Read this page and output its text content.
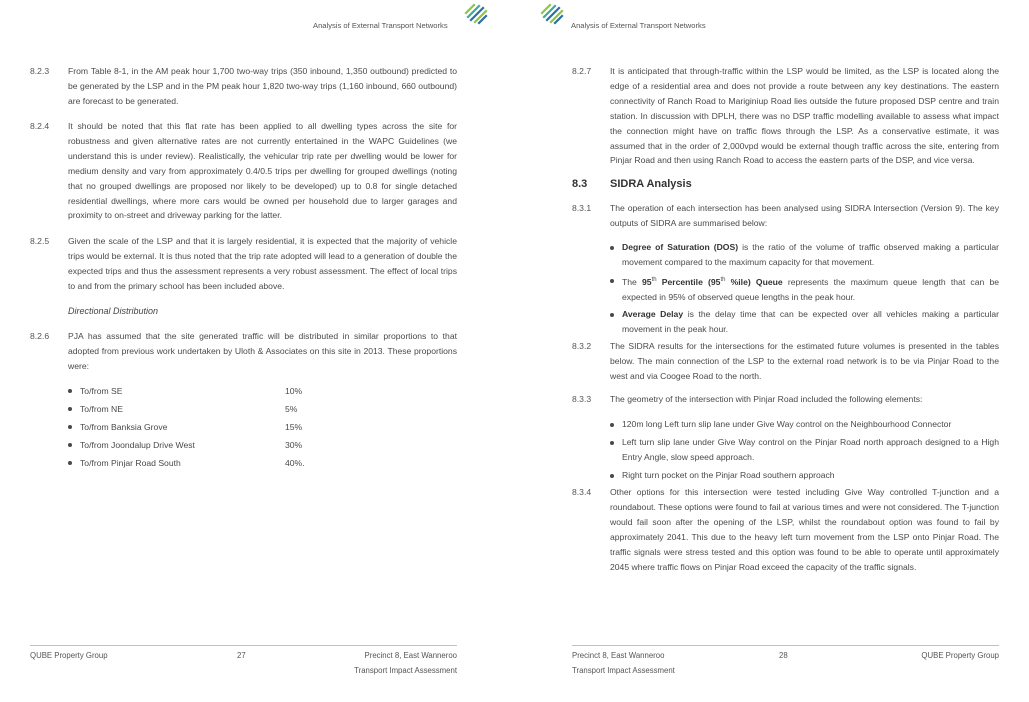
Analysis of External Transport Networks
8.2.3 From Table 8-1, in the AM peak hour 1,700 two-way trips (350 inbound, 1,350 outbound) predicted to be generated by the LSP and in the PM peak hour 1,820 two-way trips (1,160 inbound, 660 outbound) are forecast to be generated.

8.2.4 It should be noted that this flat rate has been applied to all dwelling types across the site for robustness and given alternative rates are not currently entertained in the WAPC Guidelines (we understand this is under review). Realistically, the vehicular trip rate per dwelling would be lower for medium density and vary from approximately 0.4/0.5 trips per dwelling for grouped dwellings (noting that no grouped dwellings are proposed nor likely to be developed) up to 0.8 for single detached residential dwellings, where more cars would be owned per household due to larger garages and proximity to on-street and driveway parking for the latter.

8.2.5 Given the scale of the LSP and that it is largely residential, it is expected that the majority of vehicle trips would be external. It is thus noted that the trip rate adopted will lead to a generation of double the expected trips and thus the assessment represents a very robust assessment. The effect of local trips to and from the primary school has been included above.

Directional Distribution
8.2.6 PJA has assumed that the site generated traffic will be distributed in similar proportions to that adopted from previous work undertaken by Uloth & Associates on this site in 2013. These proportions were:

To/from SE	10%
To/from NE	5%
To/from Banksia Grove	15%
To/from Joondalup Drive West	30%
To/from Pinjar Road South	40%.
QUBE Property Group	27	Precinct 8, East Wanneroo
Transport Impact Assessment
Analysis of External Transport Networks
8.2.7 It is anticipated that through-traffic within the LSP would be limited, as the LSP is located along the edge of a residential area and does not provide a route between any key destinations. The eastern connectivity of Ranch Road to Mariginiup Road lies outside the future proposed DSP centre and train station. In discussion with DPLH, there was no DSP traffic modelling available to assess what impact the connection might have on traffic flows through the LSP. As a conservative estimate, it was assumed that in the order of 2,000vpd would be external though traffic across the site, entering from Pinjar Road and then using Ranch Road to access the eastern parts of the DSP, and vice versa.

8.3 SIDRA Analysis
8.3.1 The operation of each intersection has been analysed using SIDRA Intersection (Version 9). The key outputs of SIDRA are summarised below:

Degree of Saturation (DOS) is the ratio of the volume of traffic observed making a particular movement compared to the maximum capacity for that movement.
The 95th Percentile (95th %ile) Queue represents the maximum queue length that can be expected in 95% of observed queue lengths in the peak hour.
Average Delay is the delay time that can be expected over all vehicles making a particular movement in the peak hour.
8.3.2 The SIDRA results for the intersections for the estimated future volumes is presented in the tables below. The main connection of the LSP to the external road network is to be via Pinjar Road to the west and via Coogee Road to the north.

8.3.3 The geometry of the intersection with Pinjar Road included the following elements:

120m long Left turn slip lane under Give Way control on the Neighbourhood Connector
Left turn slip lane under Give Way control on the Pinjar Road north approach designed to a High Entry Angle, slow speed approach.
Right turn pocket on the Pinjar Road southern approach
8.3.4 Other options for this intersection were tested including Give Way controlled T-junction and a roundabout. These options were found to fail at various times and were not considered. The T-junction would fail soon after the opening of the LSP, whilst the roundabout option was found to fail by approximately 2041. This due to the heavy left turn movement from the LSP onto Pinjar Road. The traffic signals were stress tested and this option was found to be able to operate until approximately 2045 where traffic flows on Pinjar Road exceed the capacity of the traffic signals.

Precinct 8, East Wanneroo
Transport Impact Assessment
28	QUBE Property Group
